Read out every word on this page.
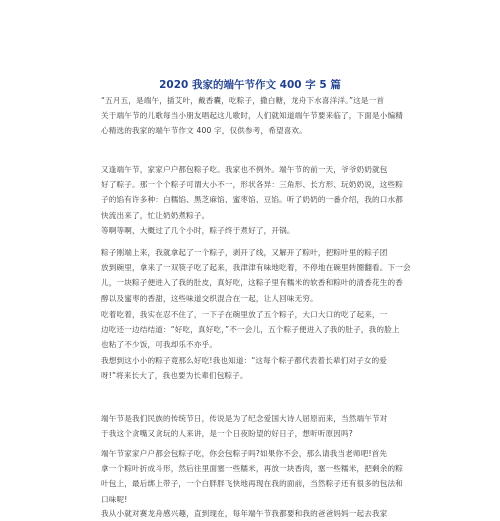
2020 我家的端午节作文 400 字 5 篇
“五月五，是端午，插艾叶，戴香囊，吃粽子，撒白糖，龙舟下水喜洋洋。”这是一首
关于端午节的儿歌每当小朋友唱起这儿歌时，人们就知道端午节要来临了，下面是小编精
心精选的我家的端午节作文 400 字，仅供参考，希望喜欢。
又逢端午节，家家户户都包粽子吃。我家也不例外。端午节的前一天，爷爷奶奶就包
好了粽子。那一个个粽子可谓大小不一，形状各异：三角形、长方形、玩奶奶说，这些粽
子的馅有许多种：白糯馅、黑芝麻馅、蜜枣馅、豆馅。听了奶奶的一番介绍，我的口水都
快流出来了，忙让奶奶煮粽子。
等啊等啊，大概过了几个小时，粽子终于煮好了，开锅。
粽子刚端上来，我就拿起了一个粽子，剥开了线，又解开了粽叶，把粽叶里的粽子团
放到碗里，拿来了一双筷子吃了起来，我津津有味地吃着，不停地在碗里转圈翻看。下一会
儿，一块粽子便进入了我的肚皮，真好吃，这粽子里有糯米的软香和粽叶的清香花生的香
醇以及蜜枣的香甜，这些味道交织混合在一起，让人回味无穷。
吃着吃着，我实在忍不住了，一下子在碗里放了五个粽子，大口大口的吃了起来，一
边吃还一边结结道：“好吃，真好吃，”不一会儿，五个粽子便进入了我的肚子，我的脸上
也粘了不少饭，可我却乐不亦乎。
我想到这小小的粽子竟那么好吃!我也知道：“这每个粽子都代表着长辈们对子女的爱
呀!”将来长大了，我也要为长辈们包粽子。
端午节是我们民族的传统节日，传说是为了纪念爱国大诗人屈原而来，当然端午节对
于我这个贪嘴又贪玩的人来讲，是一个日夜盼望的好日子，想听听原因吗?
端午节家家户户都会包粽子吃，你会包粽子吗?如果你不会，那么请我当老师吧!首先
拿一个粽叶折成斗形，然后往里面塞一些糯米，再放一块香肉，塞一些糯米，把剩余的粽
叶包上，最后绑上带子，一个白胖胖飞快地再现在我的面前，当然粽子还有很多的包法和
口味呢!
我从小就对赛龙舟感兴趣，直到现在，每年端午节我都要和我的爸爸妈妈一起去我家
